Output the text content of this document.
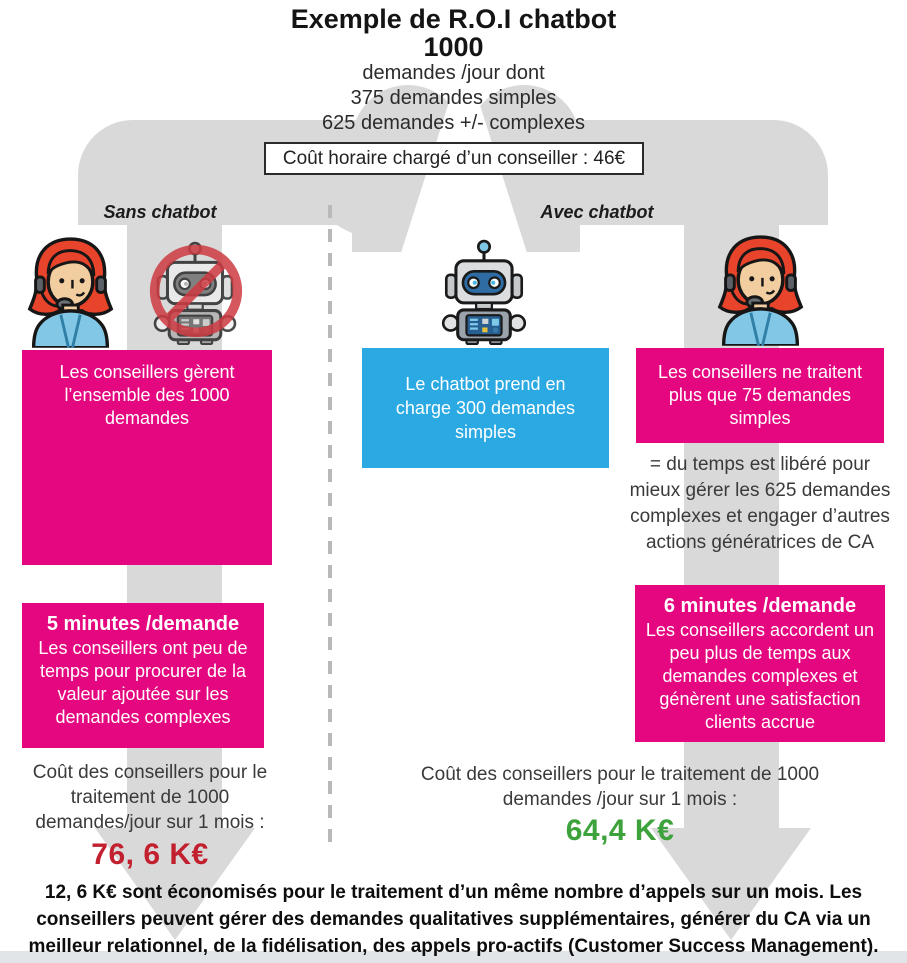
Exemple de R.O.I chatbot
1000
demandes /jour dont
375 demandes simples
625 demandes +/- complexes
Coût horaire chargé d’un conseiller : 46€
Sans chatbot	Avec chatbot
Les conseillers gèrent l’ensemble des 1000 demandes
5 minutes /demande
Les conseillers ont peu de temps pour procurer de la valeur ajoutée sur les demandes complexes
Coût des conseillers pour le traitement de 1000 demandes/jour sur 1 mois :
76, 6 K€
Le chatbot prend en charge 300 demandes simples
Les conseillers ne traitent plus que 75 demandes simples
= du temps est libéré pour mieux gérer les 625 demandes complexes et engager d’autres actions génératrices de CA
6 minutes /demande
Les conseillers accordent un peu plus de temps aux demandes complexes et génèrent une satisfaction clients accrue
Coût des conseillers pour le traitement de 1000 demandes /jour sur 1 mois :
64,4 K€
12, 6 K€ sont économisés pour le traitement d’un même nombre d’appels sur un mois. Les conseillers peuvent gérer des demandes qualitatives supplémentaires, générer du CA via un meilleur relationnel, de la fidélisation, des appels pro-actifs (Customer Success Management).
